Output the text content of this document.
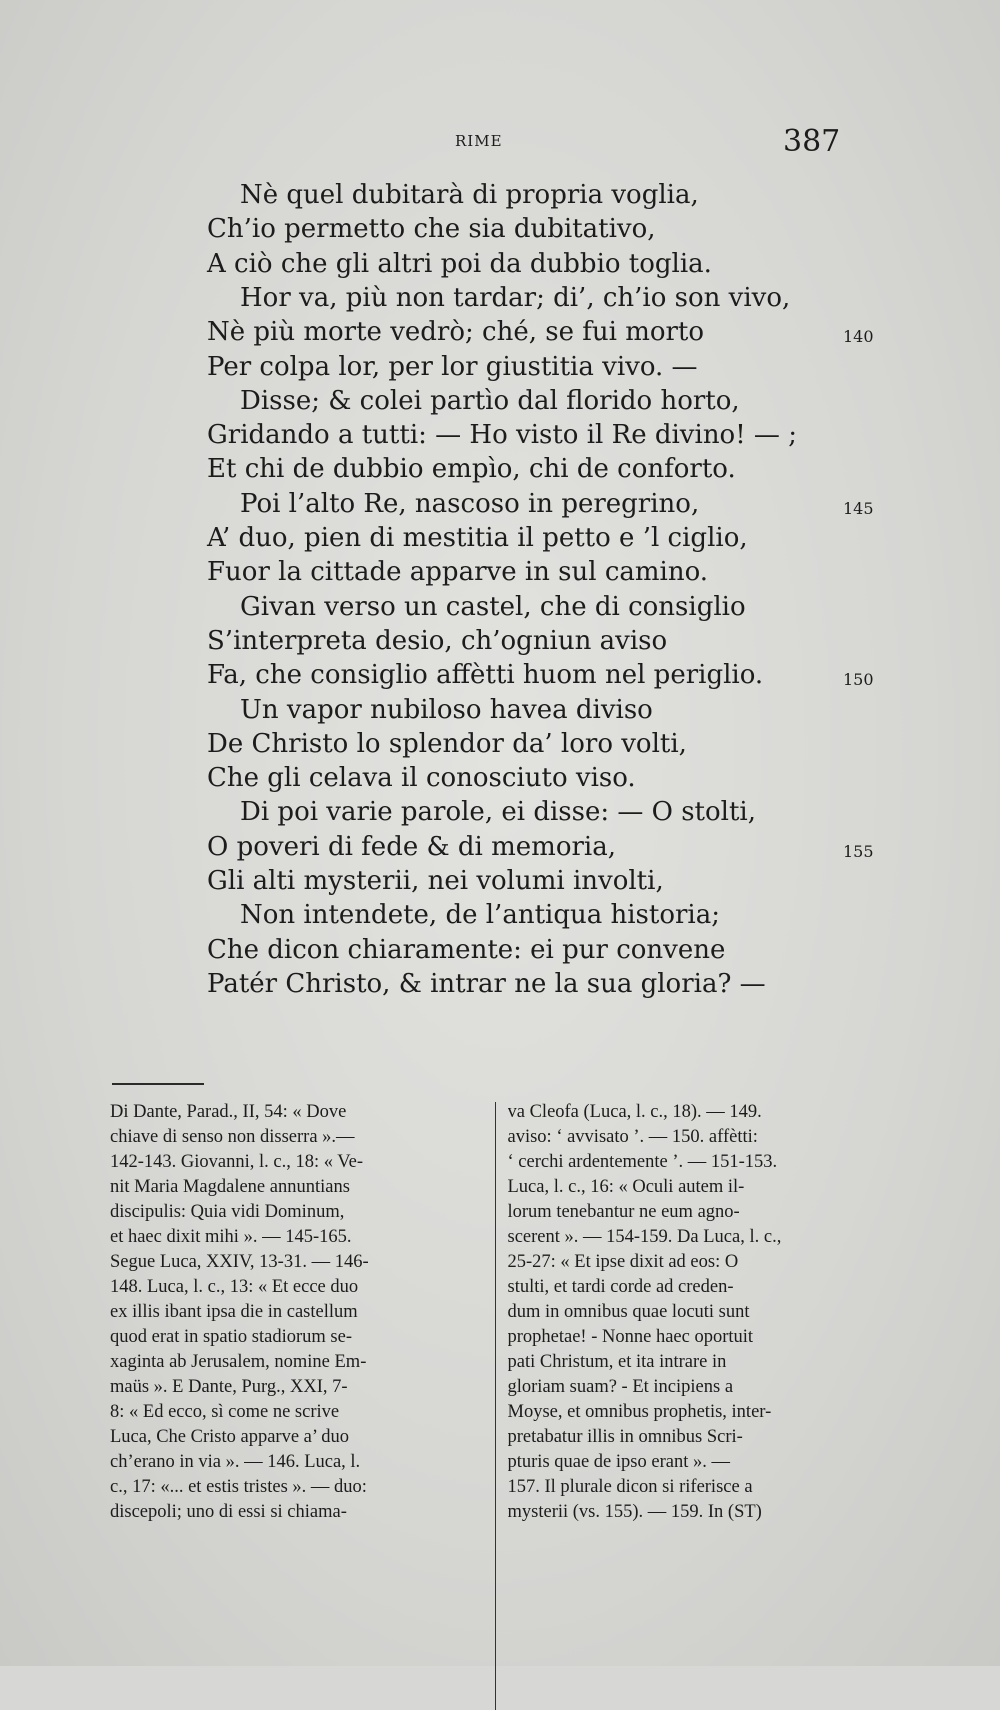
RIME	387
Nè quel dubitarà di propria voglia,
Ch’io permetto che sia dubitativo,
A ciò che gli altri poi da dubbio toglia.
Hor va, più non tardar; di’, ch’io son vivo,
Nè più morte vedrò; ché, se fui morto	140
Per colpa lor, per lor giustitia vivo. —
Disse; & colei partìo dal florido horto,
Gridando a tutti: — Ho visto il Re divino! — ;
Et chi de dubbio empìo, chi de conforto.
Poi l’alto Re, nascoso in peregrino,	145
A’ duo, pien di mestitia il petto e ’l ciglio,
Fuor la cittade apparve in sul camino.
Givan verso un castel, che di consiglio
S’interpreta desio, ch’ogniun aviso
Fa, che consiglio affètti huom nel periglio.	150
Un vapor nubiloso havea diviso
De Christo lo splendor da’ loro volti,
Che gli celava il conosciuto viso.
Di poi varie parole, ei disse: — O stolti,
O poveri di fede & di memoria,	155
Gli alti mysterii, nei volumi involti,
Non intendete, de l’antiqua historia;
Che dicon chiaramente: ei pur convene
Patér Christo, & intrar ne la sua gloria? —
Di Dante, Parad., II, 54: « Dove
chiave di senso non disserra ».—
142-143. Giovanni, l. c., 18: « Ve-
nit Maria Magdalene annuntians
discipulis: Quia vidi Dominum,
et haec dixit mihi ». — 145-165.
Segue Luca, XXIV, 13-31. — 146-
148. Luca, l. c., 13: « Et ecce duo
ex illis ibant ipsa die in castellum
quod erat in spatio stadiorum se-
xaginta ab Jerusalem, nomine Em-
maüs ». E Dante, Purg., XXI, 7-
8: « Ed ecco, sì come ne scrive
Luca, Che Cristo apparve a’ duo
ch’erano in via ». — 146. Luca, l.
c., 17: «... et estis tristes ». — duo:
discepoli; uno di essi si chiama-
va Cleofa (Luca, l. c., 18). — 149.
aviso: ‘ avvisato ’. — 150. affètti:
‘ cerchi ardentemente ’. — 151-153.
Luca, l. c., 16: « Oculi autem il-
lorum tenebantur ne eum agno-
scerent ». — 154-159. Da Luca, l. c.,
25-27: « Et ipse dixit ad eos: O
stulti, et tardi corde ad creden-
dum in omnibus quae locuti sunt
prophetae! - Nonne haec oportuit
pati Christum, et ita intrare in
gloriam suam? - Et incipiens a
Moyse, et omnibus prophetis, inter-
pretabatur illis in omnibus Scri-
pturis quae de ipso erant ». —
157. Il plurale dicon si riferisce a
mysterii (vs. 155). — 159. In (ST)
